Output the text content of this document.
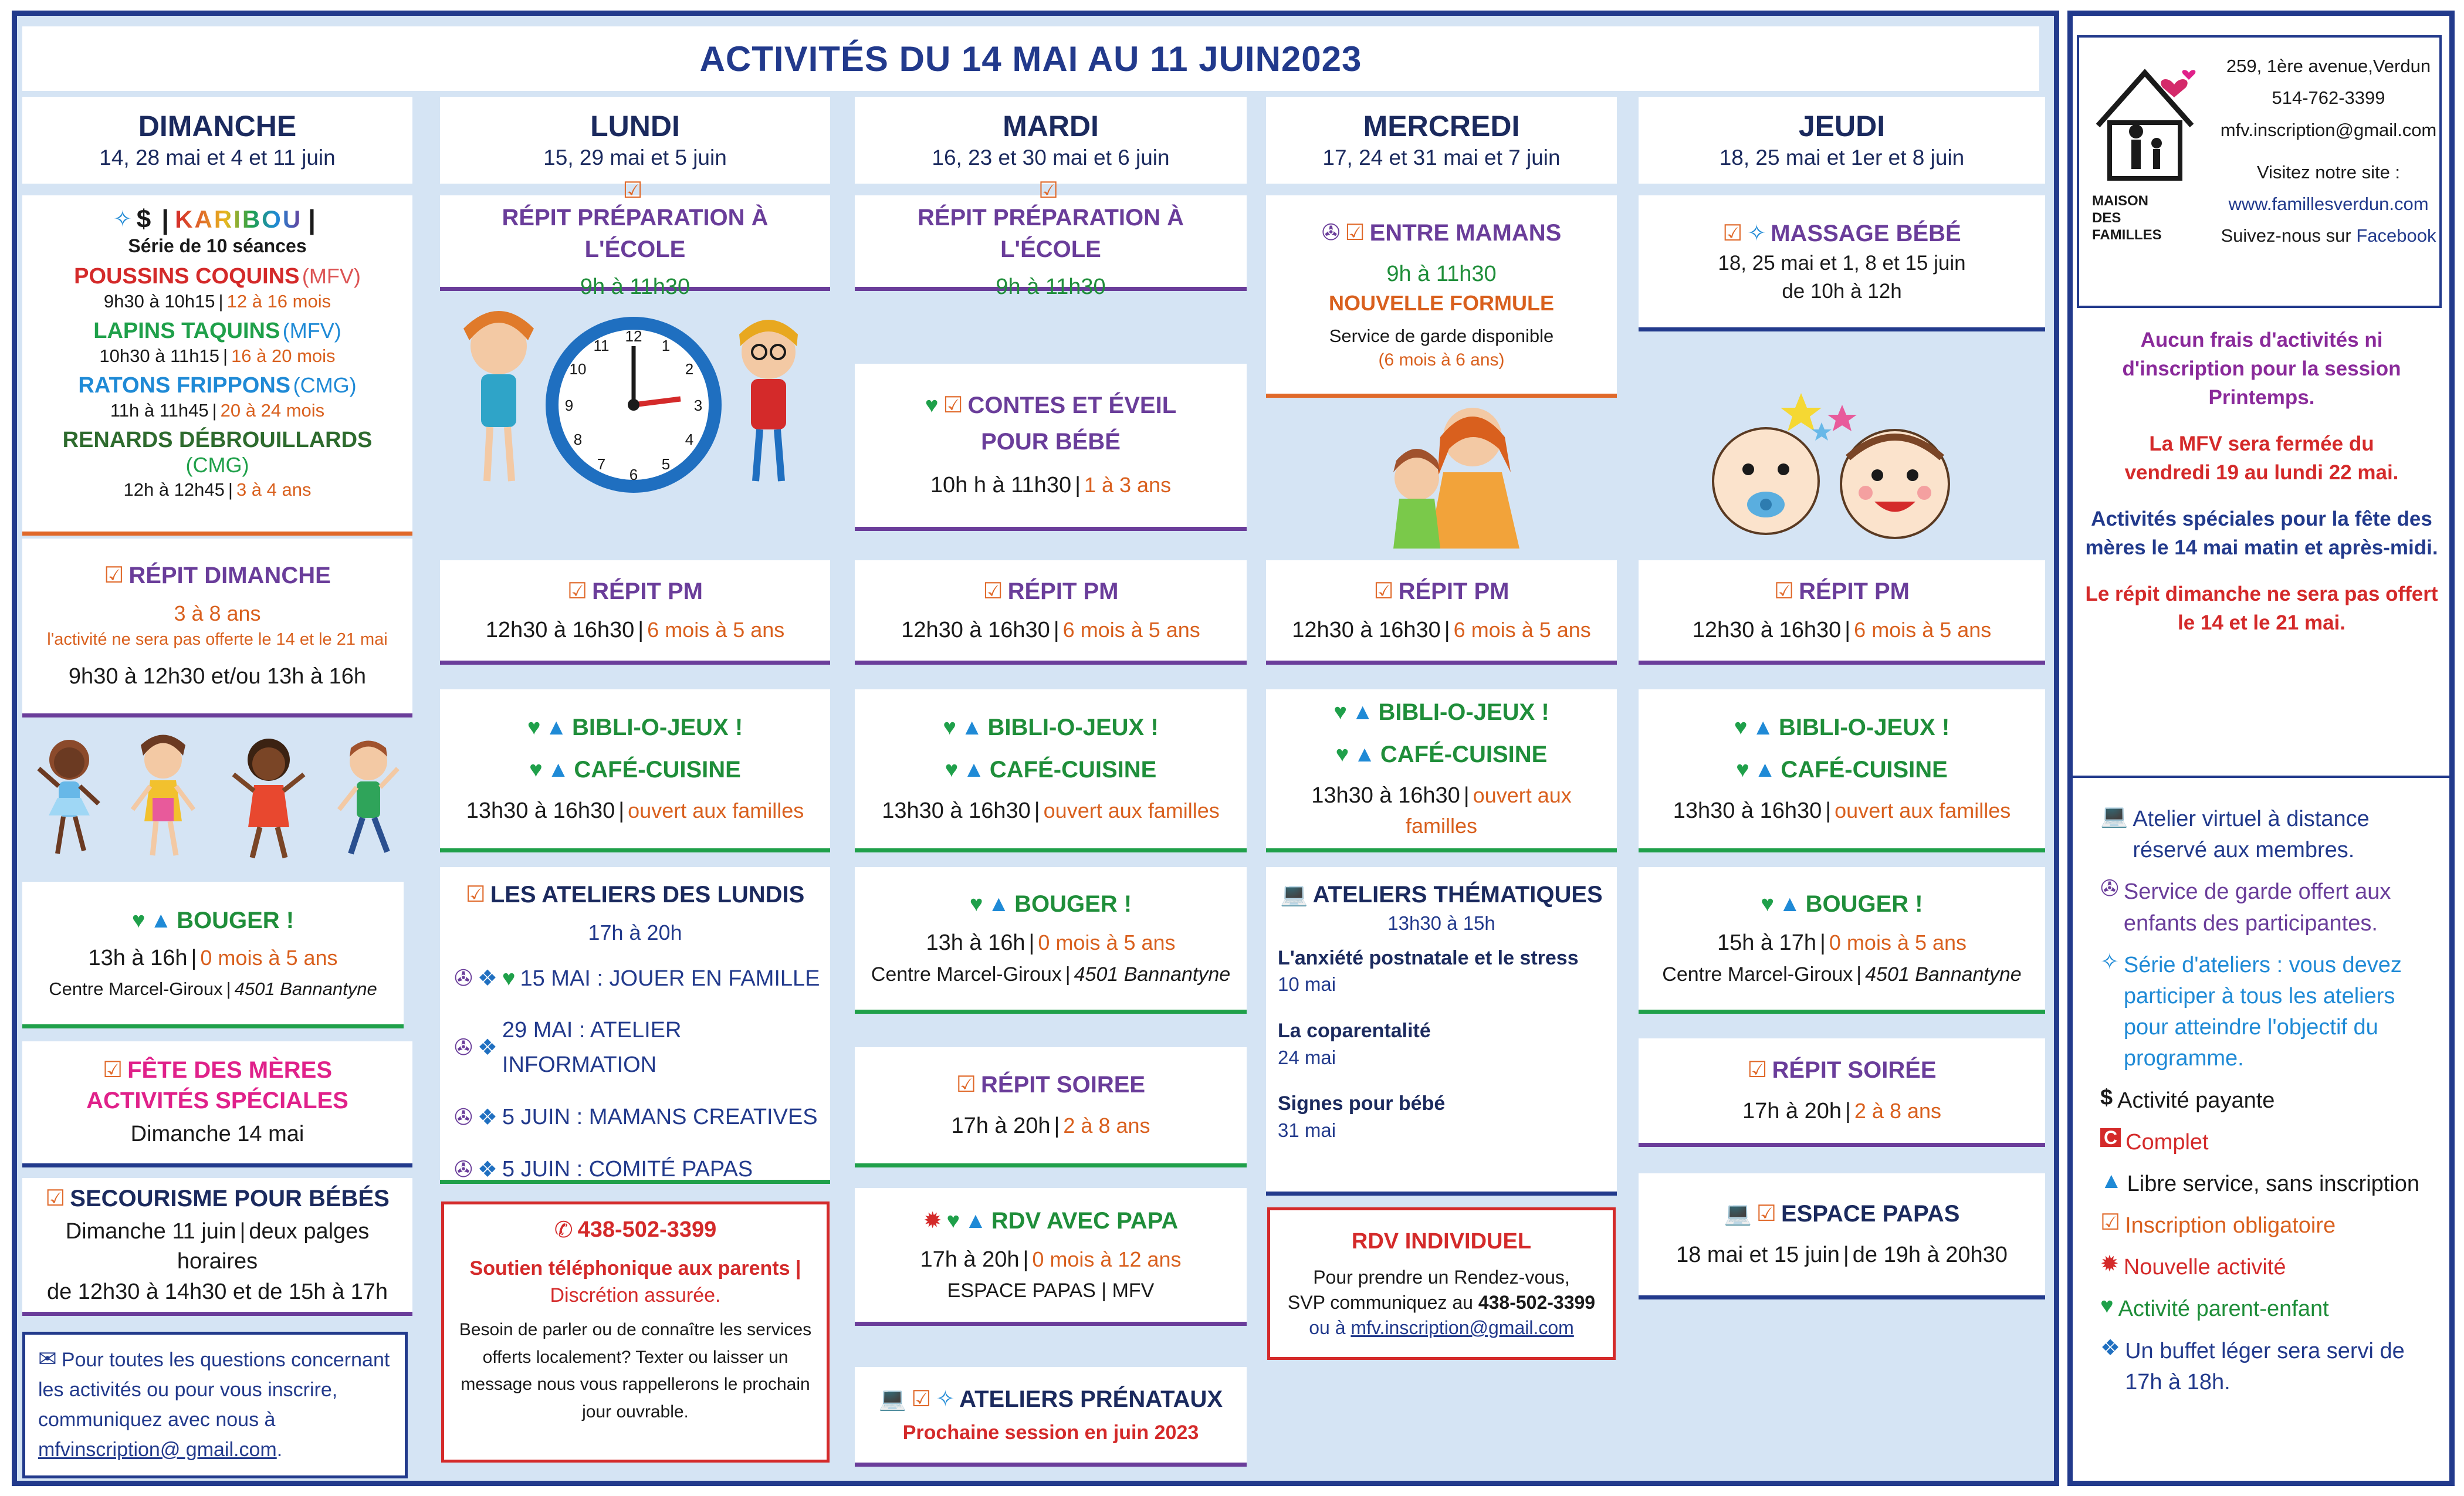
ACTIVITÉS DU 14 MAI AU 11 JUIN2023
DIMANCHE
14, 28 mai et 4 et 11 juin
LUNDI
15, 29 mai et 5 juin
MARDI
16, 23 et 30 mai et 6 juin
MERCREDI
17, 24 et 31 mai et 7 juin
JEUDI
18, 25 mai et 1er et 8 juin
✧ $ | KARIBOU |
Série de 10 séances
POUSSINS COQUINS (MFV)
9h30 à 10h15 | 12 à 16 mois
LAPINS TAQUINS (MFV)
10h30 à 11h15 | 16 à 20 mois
RATONS FRIPPONS (CMG)
11h à 11h45 | 20 à 24 mois
RENARDS DÉBROUILLARDS (CMG)
12h à 12h45 | 3 à 4 ans
☑ RÉPIT DIMANCHE
3 à 8 ans
l'activité ne sera pas offerte le 14 et le 21 mai
9h30 à 12h30 et/ou 13h à 16h
♥ ▲ BOUGER !
13h à 16h | 0 mois à 5 ans
Centre Marcel-Giroux | 4501 Bannantyne
☑ FÊTE DES MÈRES
ACTIVITÉS SPÉCIALES
Dimanche 14 mai
☑ SECOURISME POUR BÉBÉS
Dimanche 11 juin | deux palges horaires
de 12h30 à 14h30 et de 15h à 17h
✉ Pour toutes les questions concernant les activités ou pour vous inscrire, communiquez avec nous à mfvinscription@ gmail.com.
☑
RÉPIT PRÉPARATION À L'ÉCOLE
9h à 11h30
12
1
2
3
4
5
6
7
8
9
10
11
☑ RÉPIT PM
12h30 à 16h30 | 6 mois à 5 ans
♥ ▲ BIBLI-O-JEUX !
♥ ▲ CAFÉ-CUISINE
13h30 à 16h30 | ouvert aux familles
☑ LES ATELIERS DES LUNDIS
17h à 20h
✇ ❖ ♥ 15 MAI : JOUER EN FAMILLE
✇ ❖
29 MAI : ATELIER INFORMATION
✇ ❖ 5 JUIN : MAMANS CREATIVES
✇ ❖ 5 JUIN : COMITÉ PAPAS
✆ 438-502-3399
Soutien téléphonique aux parents |
Discrétion assurée.
Besoin de parler ou de connaître les services offerts localement? Texter ou laisser un message nous vous rappellerons le prochain jour ouvrable.
☑
RÉPIT PRÉPARATION À L'ÉCOLE
9h à 11h30
♥ ☑ CONTES ET ÉVEIL
POUR BÉBÉ
10h h à 11h30 | 1 à 3 ans
☑ RÉPIT PM
12h30 à 16h30 | 6 mois à 5 ans
♥ ▲ BIBLI-O-JEUX !
♥ ▲ CAFÉ-CUISINE
13h30 à 16h30 | ouvert aux familles
♥ ▲ BOUGER !
13h à 16h | 0 mois à 5 ans
Centre Marcel-Giroux | 4501 Bannantyne
☑ RÉPIT SOIREE
17h à 20h | 2 à 8 ans
✹ ♥ ▲ RDV AVEC PAPA
17h à 20h | 0 mois à 12 ans
ESPACE PAPAS | MFV
💻 ☑ ✧ ATELIERS PRÉNATAUX
Prochaine session en juin 2023
✇ ☑ ENTRE MAMANS
9h à 11h30
NOUVELLE FORMULE
Service de garde disponible
(6 mois à 6 ans)
☑ RÉPIT PM
12h30 à 16h30 | 6 mois à 5 ans
♥ ▲ BIBLI-O-JEUX !
♥ ▲ CAFÉ-CUISINE
13h30 à 16h30 | ouvert aux familles
💻 ATELIERS THÉMATIQUES
13h30 à 15h
L'anxiété postnatale et le stress
10 mai
La coparentalité
24 mai
Signes pour bébé
31 mai
RDV INDIVIDUEL
Pour prendre un Rendez-vous,
SVP communiquez au 438-502-3399
ou à mfv.inscription@gmail.com
☑ ✧ MASSAGE BÉBÉ
18, 25 mai et 1, 8 et 15 juin
de 10h à 12h
☑ RÉPIT PM
12h30 à 16h30 | 6 mois à 5 ans
♥ ▲ BIBLI-O-JEUX !
♥ ▲ CAFÉ-CUISINE
13h30 à 16h30 | ouvert aux familles
♥ ▲ BOUGER !
15h à 17h | 0 mois à 5 ans
Centre Marcel-Giroux | 4501 Bannantyne
☑ RÉPIT SOIRÉE
17h à 20h | 2 à 8 ans
💻 ☑ ESPACE PAPAS
18 mai et 15 juin | de 19h à 20h30
MAISON DES FAMILLES
259, 1ère avenue,Verdun
514-762-3399
mfv.inscription@gmail.com
Visitez notre site :
www.famillesverdun.com
Suivez-nous sur Facebook
Aucun frais d'activités ni d'inscription pour la session Printemps.
La MFV sera fermée du vendredi 19 au lundi 22 mai.
Activités spéciales pour la fête des mères le 14 mai matin et après-midi.
Le répit dimanche ne sera pas offert le 14 et le 21 mai.
💻 Atelier virtuel à distance réservé aux membres.
✇ Service de garde offert aux enfants des participantes.
✧ Série d'ateliers : vous devez participer à tous les ateliers pour atteindre l'objectif du programme.
$ Activité payante
C Complet
▲ Libre service, sans inscription
☑ Inscription obligatoire
✹ Nouvelle activité
♥ Activité parent-enfant
❖ Un buffet léger sera servi de 17h à 18h.
